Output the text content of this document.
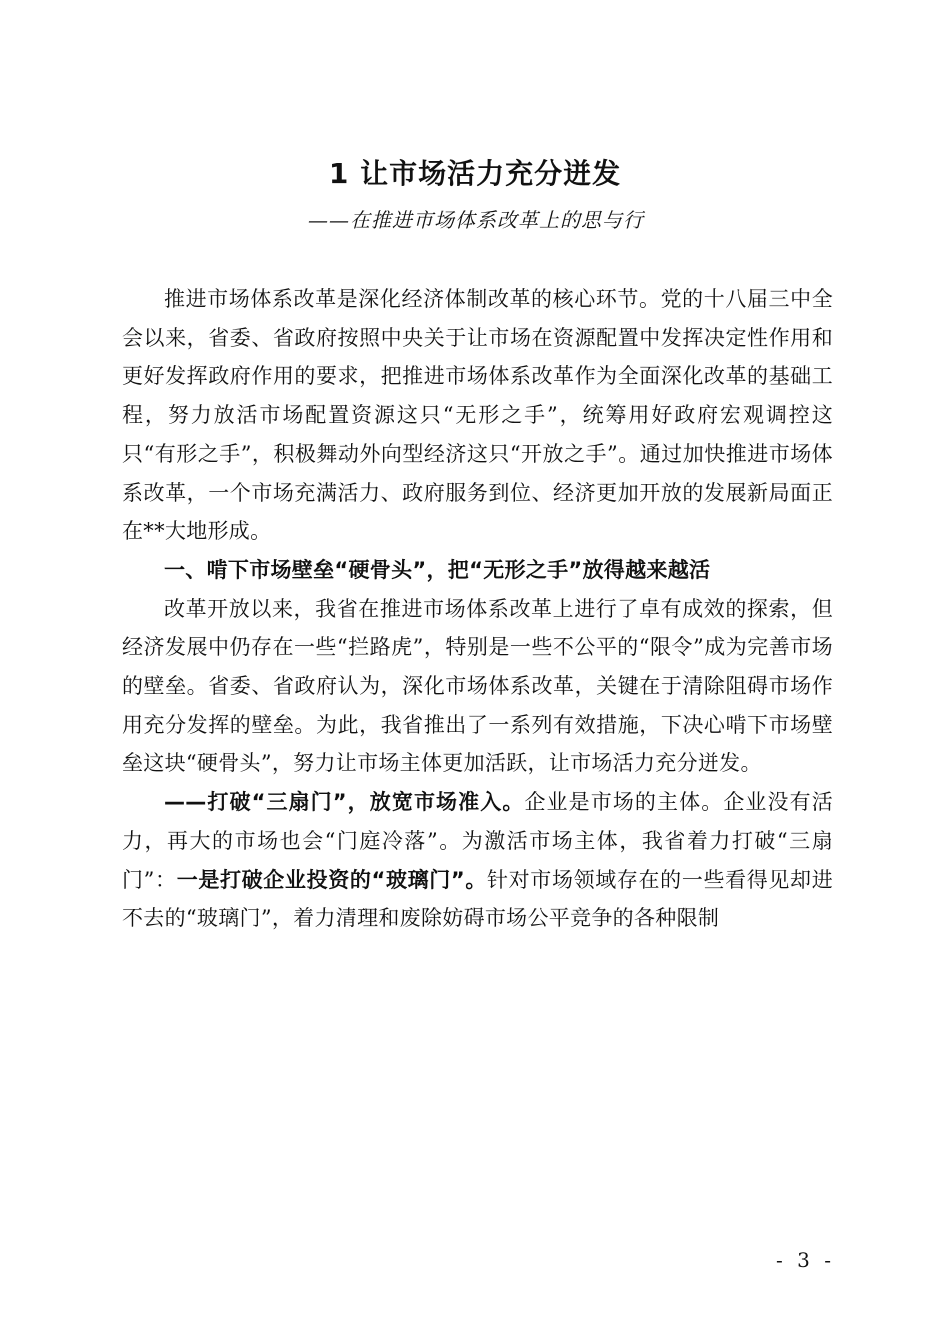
1 让市场活力充分迸发
——在推进市场体系改革上的思与行

推进市场体系改革是深化经济体制改革的核心环节。党的十八届三中全会以来，省委、省政府按照中央关于让市场在资源配置中发挥决定性作用和更好发挥政府作用的要求，把推进市场体系改革作为全面深化改革的基础工程，努力放活市场配置资源这只“无形之手”，统筹用好政府宏观调控这只“有形之手”，积极舞动外向型经济这只“开放之手”。通过加快推进市场体系改革，一个市场充满活力、政府服务到位、经济更加开放的发展新局面正在**大地形成。

一、啃下市场壁垒“硬骨头”，把“无形之手”放得越来越活

改革开放以来，我省在推进市场体系改革上进行了卓有成效的探索，但经济发展中仍存在一些“拦路虎”，特别是一些不公平的“限令”成为完善市场的壁垒。省委、省政府认为，深化市场体系改革，关键在于清除阻碍市场作用充分发挥的壁垒。为此，我省推出了一系列有效措施，下决心啃下市场壁垒这块“硬骨头”，努力让市场主体更加活跃，让市场活力充分迸发。

——打破“三扇门”，放宽市场准入。企业是市场的主体。企业没有活力，再大的市场也会“门庭冷落”。为激活市场主体，我省着力打破“三扇门”：一是打破企业投资的“玻璃门”。针对市场领域存在的一些看得见却进不去的“玻璃门”，着力清理和废除妨碍市场公平竞争的各种限制

- 3 -
